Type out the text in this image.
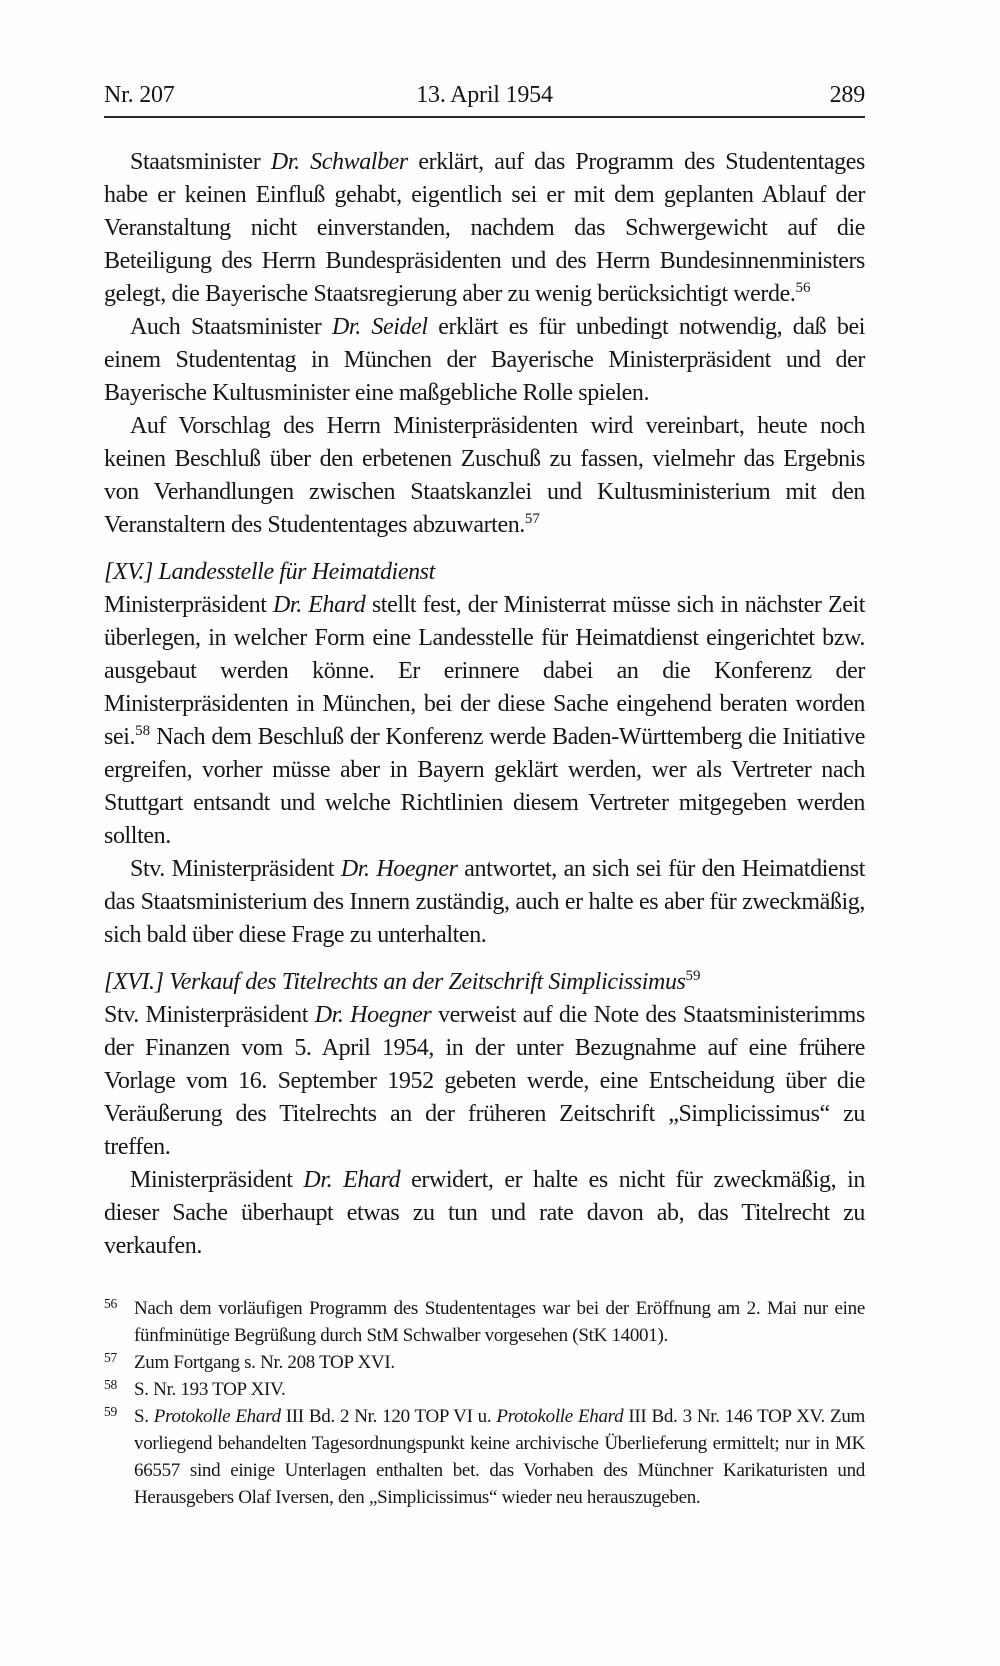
Nr. 207	13. April 1954	289

Staatsminister Dr. Schwalber erklärt, auf das Programm des Studententages habe er keinen Einfluß gehabt, eigentlich sei er mit dem geplanten Ablauf der Veranstaltung nicht einverstanden, nachdem das Schwergewicht auf die Beteiligung des Herrn Bundespräsidenten und des Herrn Bundesinnenministers gelegt, die Bayerische Staatsregierung aber zu wenig berücksichtigt werde.$^{56}$

Auch Staatsminister Dr. Seidel erklärt es für unbedingt notwendig, daß bei einem Studententag in München der Bayerische Ministerpräsident und der Bayerische Kultusminister eine maßgebliche Rolle spielen.

Auf Vorschlag des Herrn Ministerpräsidenten wird vereinbart, heute noch keinen Beschluß über den erbetenen Zuschuß zu fassen, vielmehr das Ergebnis von Verhandlungen zwischen Staatskanzlei und Kultusministerium mit den Veranstaltern des Studententages abzuwarten.$^{57}$

[XV.] Landesstelle für Heimatdienst

Ministerpräsident Dr. Ehard stellt fest, der Ministerrat müsse sich in nächster Zeit überlegen, in welcher Form eine Landesstelle für Heimatdienst eingerichtet bzw. ausgebaut werden könne. Er erinnere dabei an die Konferenz der Ministerpräsidenten in München, bei der diese Sache eingehend beraten worden sei.$^{58}$ Nach dem Beschluß der Konferenz werde Baden-Württemberg die Initiative ergreifen, vorher müsse aber in Bayern geklärt werden, wer als Vertreter nach Stuttgart entsandt und welche Richtlinien diesem Vertreter mitgegeben werden sollten.

Stv. Ministerpräsident Dr. Hoegner antwortet, an sich sei für den Heimatdienst das Staatsministerium des Innern zuständig, auch er halte es aber für zweckmäßig, sich bald über diese Frage zu unterhalten.

[XVI.] Verkauf des Titelrechts an der Zeitschrift Simplicissimus$^{59}$

Stv. Ministerpräsident Dr. Hoegner verweist auf die Note des Staatsministerimms der Finanzen vom 5. April 1954, in der unter Bezugnahme auf eine frühere Vorlage vom 16. September 1952 gebeten werde, eine Entscheidung über die Veräußerung des Titelrechts an der früheren Zeitschrift „Simplicissimus“ zu treffen.

Ministerpräsident Dr. Ehard erwidert, er halte es nicht für zweckmäßig, in dieser Sache überhaupt etwas zu tun und rate davon ab, das Titelrecht zu verkaufen.

56 Nach dem vorläufigen Programm des Studententages war bei der Eröffnung am 2. Mai nur eine fünfminütige Begrüßung durch StM Schwalber vorgesehen (StK 14001).
57 Zum Fortgang s. Nr. 208 TOP XVI.
58 S. Nr. 193 TOP XIV.
59 S. Protokolle Ehard III Bd. 2 Nr. 120 TOP VI u. Protokolle Ehard III Bd. 3 Nr. 146 TOP XV. Zum vorliegend behandelten Tagesordnungspunkt keine archivische Überlieferung ermittelt; nur in MK 66557 sind einige Unterlagen enthalten bet. das Vorhaben des Münchner Karikaturisten und Herausgebers Olaf Iversen, den „Simplicissimus“ wieder neu herauszugeben.
